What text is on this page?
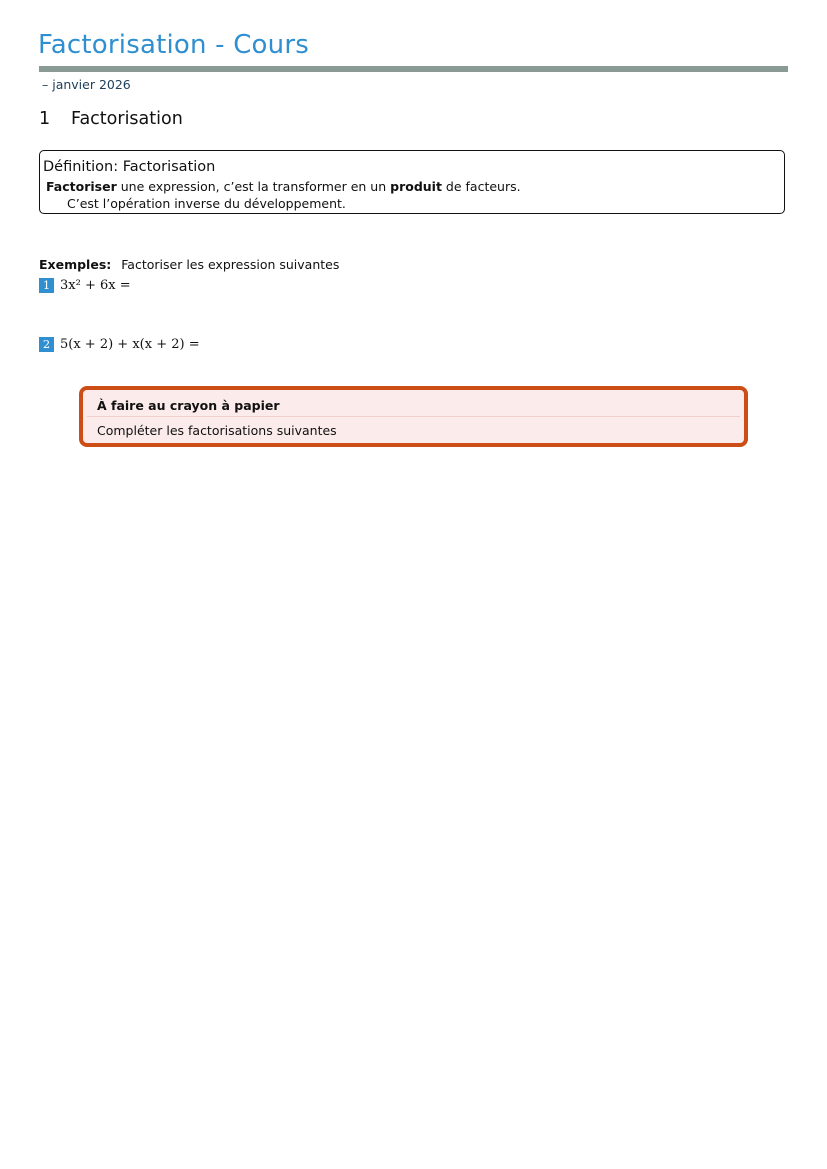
Factorisation - Cours
– janvier 2026
1 Factorisation
Définition: Factorisation
Factoriser une expression, c’est la transformer en un produit de facteurs.
C’est l’opération inverse du développement.
Exemples: Factoriser les expression suivantes
1 3x² + 6x =
2 5(x + 2) + x(x + 2) =
À faire au crayon à papier
Compléter les factorisations suivantes
